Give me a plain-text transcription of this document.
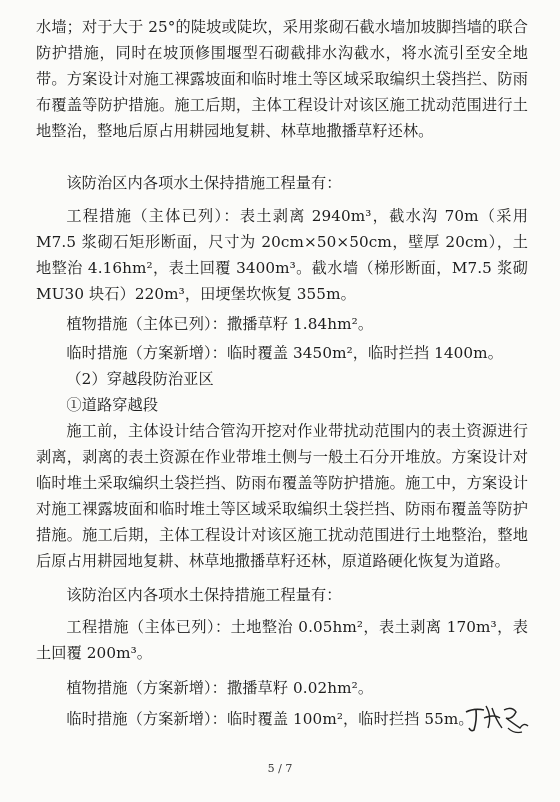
水墙；对于大于 25°的陡坡或陡坎，采用浆砌石截水墙加坡脚挡墙的联合防护措施，同时在坡顶修围堰型石砌截排水沟截水，将水流引至安全地带。方案设计对施工裸露坡面和临时堆土等区域采取编织土袋挡拦、防雨布覆盖等防护措施。施工后期，主体工程设计对该区施工扰动范围进行土地整治，整地后原占用耕园地复耕、林草地撒播草籽还林。

该防治区内各项水土保持措施工程量有：

工程措施（主体已列）：表土剥离 2940m³，截水沟 70m（采用 M7.5 浆砌石矩形断面，尺寸为 20cm×50×50cm，壁厚 20cm），土地整治 4.16hm²，表土回覆 3400m³。截水墙（梯形断面，M7.5 浆砌 MU30 块石）220m³，田埂堡坎恢复 355m。

植物措施（主体已列）：撒播草籽 1.84hm²。

临时措施（方案新增）：临时覆盖 3450m²，临时拦挡 1400m。

（2）穿越段防治亚区

①道路穿越段

施工前，主体设计结合管沟开挖对作业带扰动范围内的表土资源进行剥离，剥离的表土资源在作业带堆土侧与一般土石分开堆放。方案设计对临时堆土采取编织土袋拦挡、防雨布覆盖等防护措施。施工中，方案设计对施工裸露坡面和临时堆土等区域采取编织土袋拦挡、防雨布覆盖等防护措施。施工后期，主体工程设计对该区施工扰动范围进行土地整治，整地后原占用耕园地复耕、林草地撒播草籽还林，原道路硬化恢复为道路。

该防治区内各项水土保持措施工程量有：

工程措施（主体已列）：土地整治 0.05hm²，表土剥离 170m³，表土回覆 200m³。

植物措施（方案新增）：撒播草籽 0.02hm²。

临时措施（方案新增）：临时覆盖 100m²，临时拦挡 55m。

5 / 7
